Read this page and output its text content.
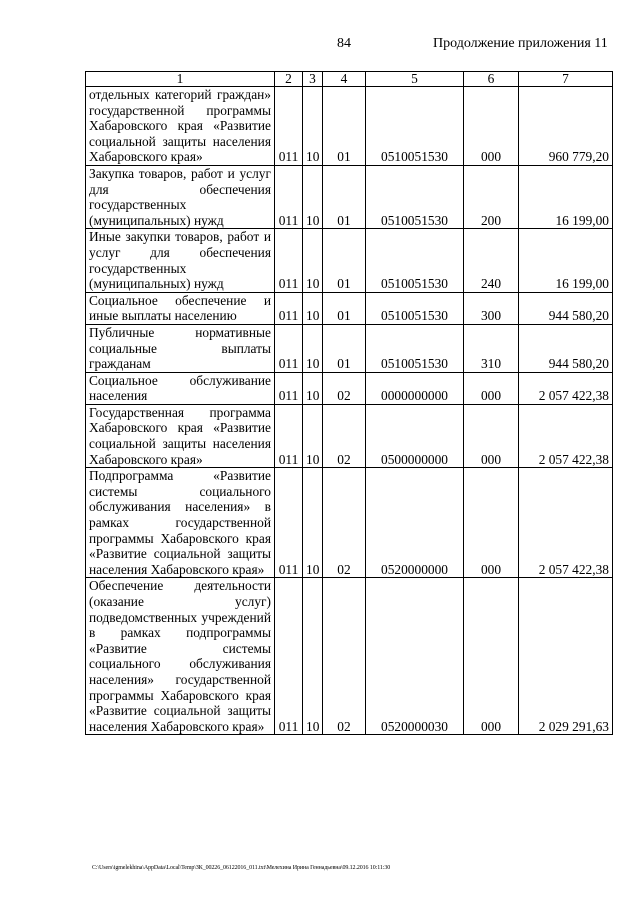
84	Продолжение приложения 11
1	2	3	4	5	6	7
отдельных категорий граждан» государственной программы Хабаровского края «Развитие социальной защиты населения Хабаровского края»	011	10	01	0510051530	000	960 779,20
Закупка товаров, работ и услуг для обеспечения государственных (муниципальных) нужд	011	10	01	0510051530	200	16 199,00
Иные закупки товаров, работ и услуг для обеспечения государственных (муниципальных) нужд	011	10	01	0510051530	240	16 199,00
Социальное обеспечение и иные выплаты населению	011	10	01	0510051530	300	944 580,20
Публичные нормативные социальные выплаты гражданам	011	10	01	0510051530	310	944 580,20
Социальное обслуживание населения	011	10	02	0000000000	000	2 057 422,38
Государственная программа Хабаровского края «Развитие социальной защиты населения Хабаровского края»	011	10	02	0500000000	000	2 057 422,38
Подпрограмма «Развитие системы социального обслуживания населения» в рамках государственной программы Хабаровского края «Развитие социальной защиты населения Хабаровского края»	011	10	02	0520000000	000	2 057 422,38
Обеспечение деятельности (оказание услуг) подведомственных учреждений в рамках подпрограммы «Развитие системы социального обслуживания населения» государственной программы Хабаровского края «Развитие социальной защиты населения Хабаровского края»	011	10	02	0520000030	000	2 029 291,63
C:\Users\igmelekhina\AppData\Local\Temp\ЗК_00226_06122016_011.txt\Мелехина Ирина Геннадьевна\09.12.2016 10:11:30
